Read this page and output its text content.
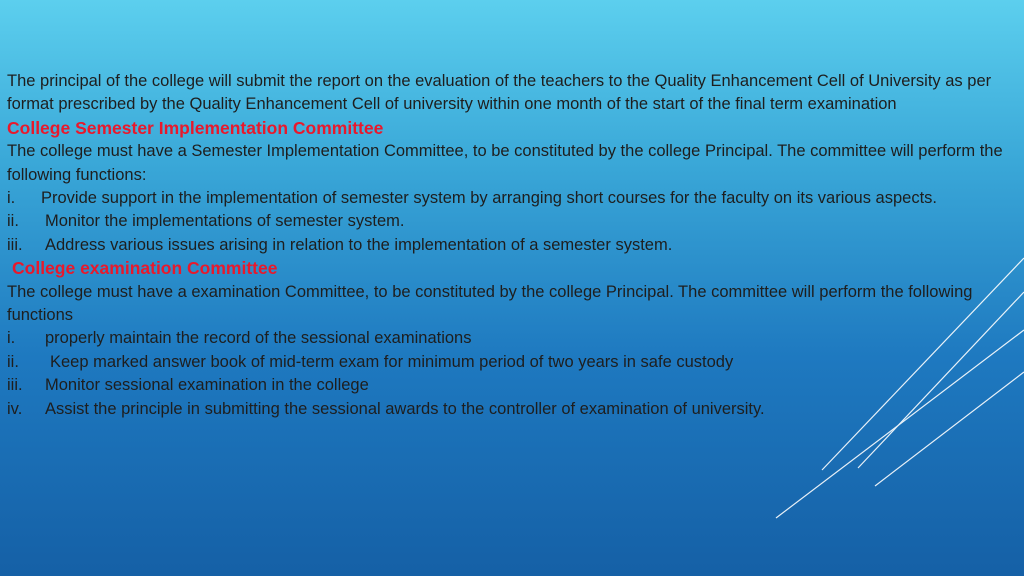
The principal of the college will submit the report on the evaluation of the teachers to the Quality Enhancement Cell of University as per format prescribed by the Quality Enhancement Cell of university within one month of the start of the final term examination

College Semester Implementation Committee

The college must have a Semester Implementation Committee, to be constituted by the college Principal. The committee will perform the following functions:

i.	Provide support in the implementation of semester system by arranging short courses for the faculty on its various aspects.
ii.	Monitor the implementations of semester system.
iii.	Address various issues arising in relation to the implementation of a semester system.

College examination Committee

The college must have a examination Committee, to be constituted by the college Principal. The committee will perform the following functions

i.	properly maintain the record of the sessional examinations
ii.	Keep marked answer book of mid-term exam for minimum period of two years in safe custody
iii.	Monitor sessional examination in the college
iv.	Assist the principle in submitting the sessional awards to the controller of examination of university.
